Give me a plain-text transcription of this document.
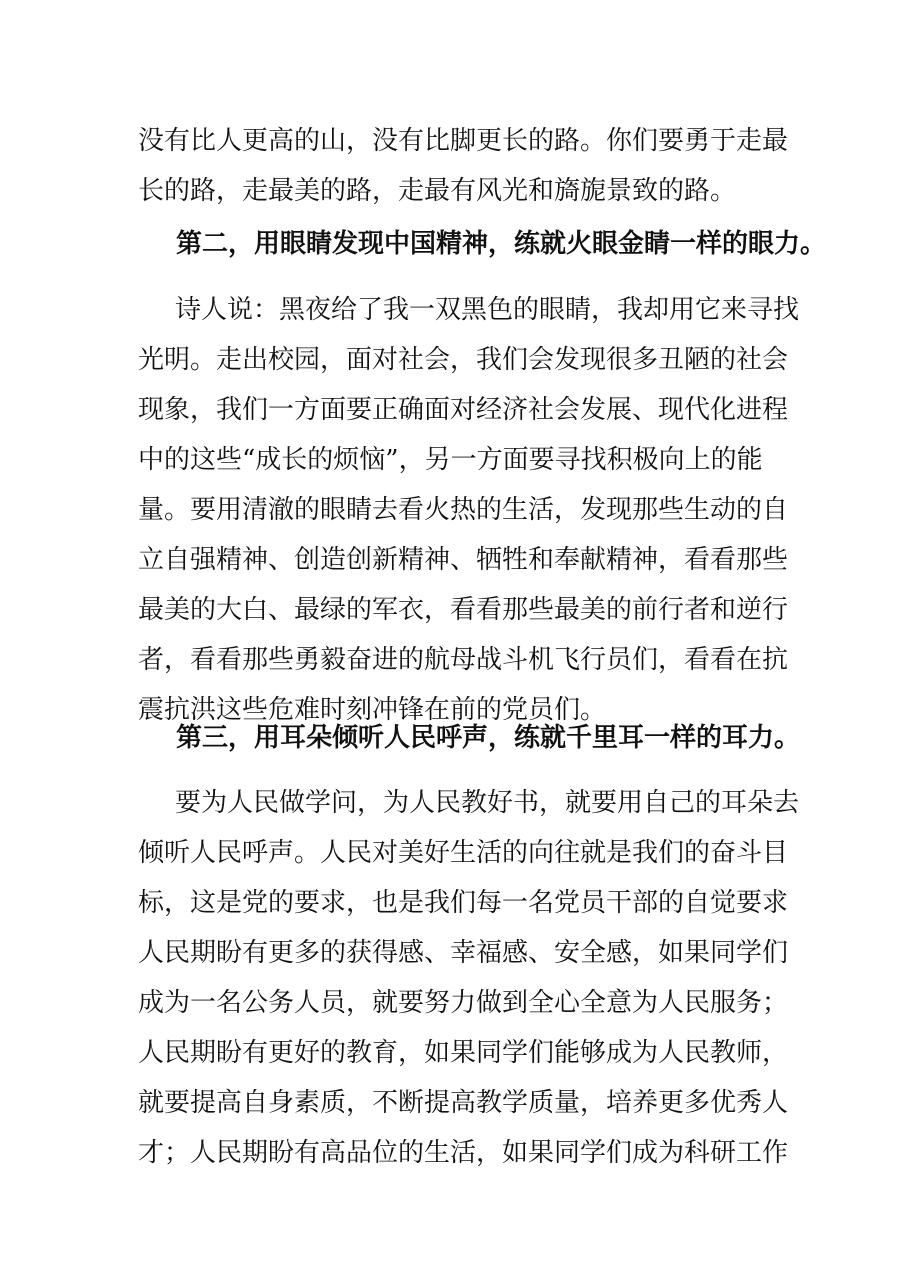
没有比人更高的山，没有比脚更长的路。你们要勇于走最
长的路，走最美的路，走最有风光和旖旎景致的路。
第二，用眼睛发现中国精神，练就火眼金睛一样的眼力。
诗人说：黑夜给了我一双黑色的眼睛，我却用它来寻找
光明。走出校园，面对社会，我们会发现很多丑陋的社会
现象，我们一方面要正确面对经济社会发展、现代化进程
中的这些“成长的烦恼”，另一方面要寻找积极向上的能
量。要用清澈的眼睛去看火热的生活，发现那些生动的自
立自强精神、创造创新精神、牺牲和奉献精神，看看那些
最美的大白、最绿的军衣，看看那些最美的前行者和逆行
者，看看那些勇毅奋进的航母战斗机飞行员们，看看在抗
震抗洪这些危难时刻冲锋在前的党员们。
第三，用耳朵倾听人民呼声，练就千里耳一样的耳力。
要为人民做学问，为人民教好书，就要用自己的耳朵去
倾听人民呼声。人民对美好生活的向往就是我们的奋斗目
标，这是党的要求，也是我们每一名党员干部的自觉要求
人民期盼有更多的获得感、幸福感、安全感，如果同学们
成为一名公务人员，就要努力做到全心全意为人民服务；
人民期盼有更好的教育，如果同学们能够成为人民教师，
就要提高自身素质，不断提高教学质量，培养更多优秀人
才；人民期盼有高品位的生活，如果同学们成为科研工作
